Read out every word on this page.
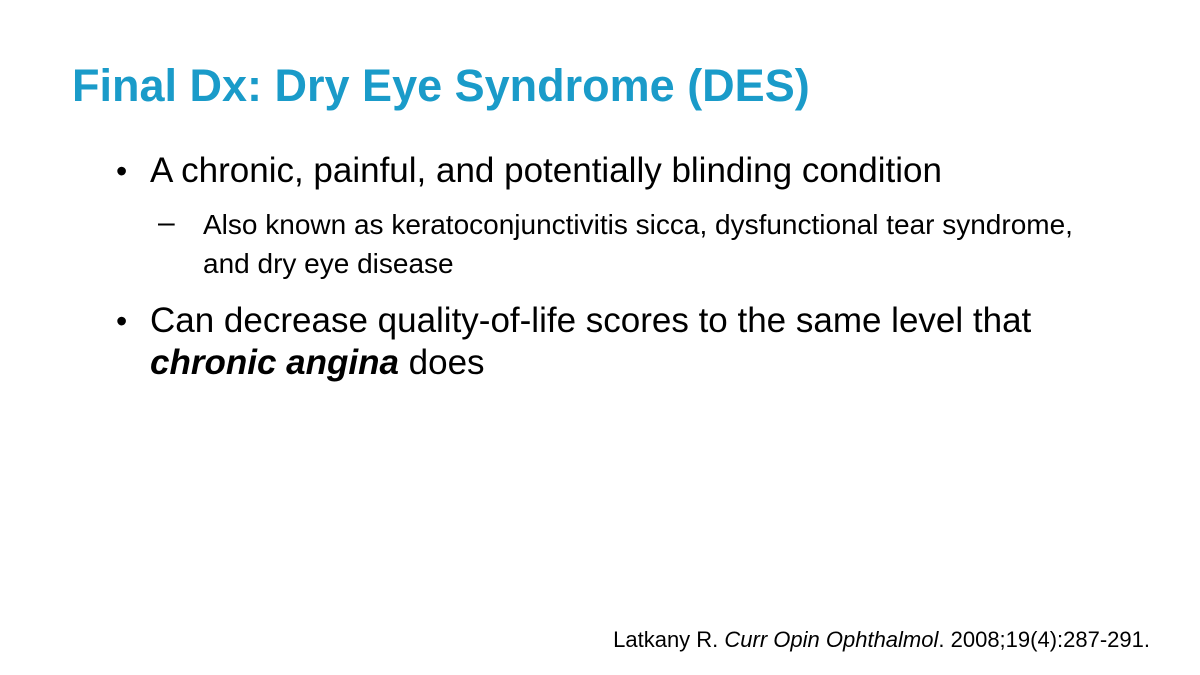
Final Dx: Dry Eye Syndrome (DES)
• A chronic, painful, and potentially blinding condition
– Also known as keratoconjunctivitis sicca, dysfunctional tear syndrome, and dry eye disease
• Can decrease quality-of-life scores to the same level that chronic angina does
Latkany R. Curr Opin Ophthalmol. 2008;19(4):287-291.
